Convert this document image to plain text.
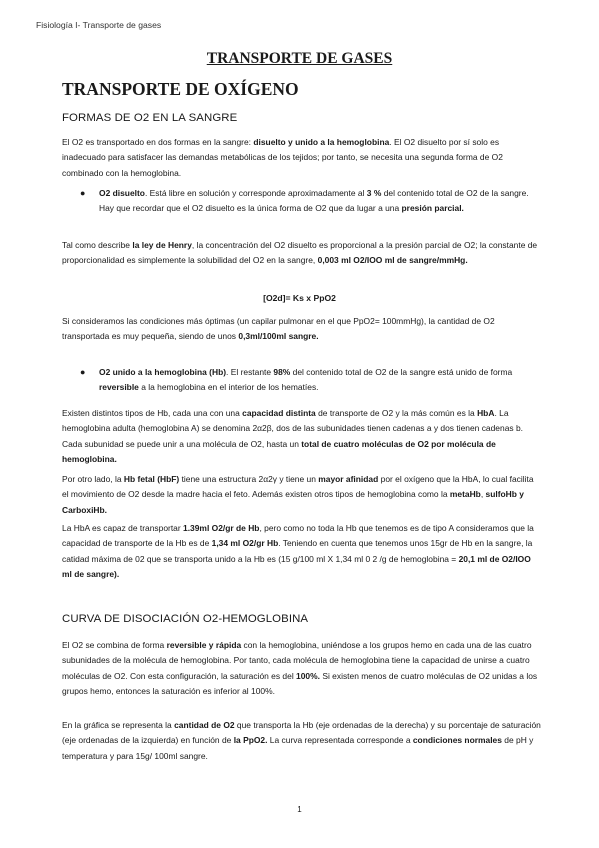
Fisiología I- Transporte de gases
TRANSPORTE DE GASES
TRANSPORTE DE OXÍGENO
FORMAS DE O2 EN LA SANGRE

El O2 es transportado en dos formas en la sangre: disuelto y unido a la hemoglobina. El O2 disuelto por sí solo es inadecuado para satisfacer las demandas metabólicas de los tejidos; por tanto, se necesita una segunda forma de O2 combinado con la hemoglobina.

● O2 disuelto. Está libre en solución y corresponde aproximadamente al 3 % del contenido total de O2 de la sangre. Hay que recordar que el O2 disuelto es la única forma de O2 que da lugar a una presión parcial.

Tal como describe la ley de Henry, la concentración del O2 disuelto es proporcional a la presión parcial de O2; la constante de proporcionalidad es simplemente la solubilidad del O2 en la sangre, 0,003 ml O2/IOO ml de sangre/mmHg.

[O2d]= Ks x PpO2

Si consideramos las condiciones más óptimas (un capilar pulmonar en el que PpO2= 100mmHg), la cantidad de O2 transportada es muy pequeña, siendo de unos 0,3ml/100ml sangre.

● O2 unido a la hemoglobina (Hb). El restante 98% del contenido total de O2 de la sangre está unido de forma reversible a la hemoglobina en el interior de los hematíes.

Existen distintos tipos de Hb, cada una con una capacidad distinta de transporte de O2 y la más común es la HbA. La hemoglobina adulta (hemoglobina A) se denomina 2α2β, dos de las subunidades tienen cadenas a y dos tienen cadenas b. Cada subunidad se puede unir a una molécula de O2, hasta un total de cuatro moléculas de O2 por molécula de hemoglobina.

Por otro lado, la Hb fetal (HbF) tiene una estructura 2α2γ y tiene un mayor afinidad por el oxígeno que la HbA, lo cual facilita el movimiento de O2 desde la madre hacia el feto. Además existen otros tipos de hemoglobina como la metaHb, sulfoHb y CarboxiHb.

La HbA es capaz de transportar 1.39ml O2/gr de Hb, pero como no toda la Hb que tenemos es de tipo A consideramos que la capacidad de transporte de la Hb es de 1,34 ml O2/gr Hb. Teniendo en cuenta que tenemos unos 15gr de Hb en la sangre, la catidad máxima de 02 que se transporta unido a la Hb es (15 g/100 ml X 1,34 ml 0 2 /g de hemoglobina = 20,1 ml de O2/IOO ml de sangre).

CURVA DE DISOCIACIÓN O2-HEMOGLOBINA

El O2 se combina de forma reversible y rápida con la hemoglobina, uniéndose a los grupos hemo en cada una de las cuatro subunidades de la molécula de hemoglobina. Por tanto, cada molécula de hemoglobina tiene la capacidad de unirse a cuatro moléculas de O2. Con esta configuración, la saturación es del 100%. Si existen menos de cuatro moléculas de O2 unidas a los grupos hemo, entonces la saturación es inferior al 100%.

En la gráfica se representa la cantidad de O2 que transporta la Hb (eje ordenadas de la derecha) y su porcentaje de saturación (eje ordenadas de la izquierda) en función de la PpO2. La curva representada corresponde a condiciones normales de pH y temperatura y para 15g/ 100ml sangre.

1
